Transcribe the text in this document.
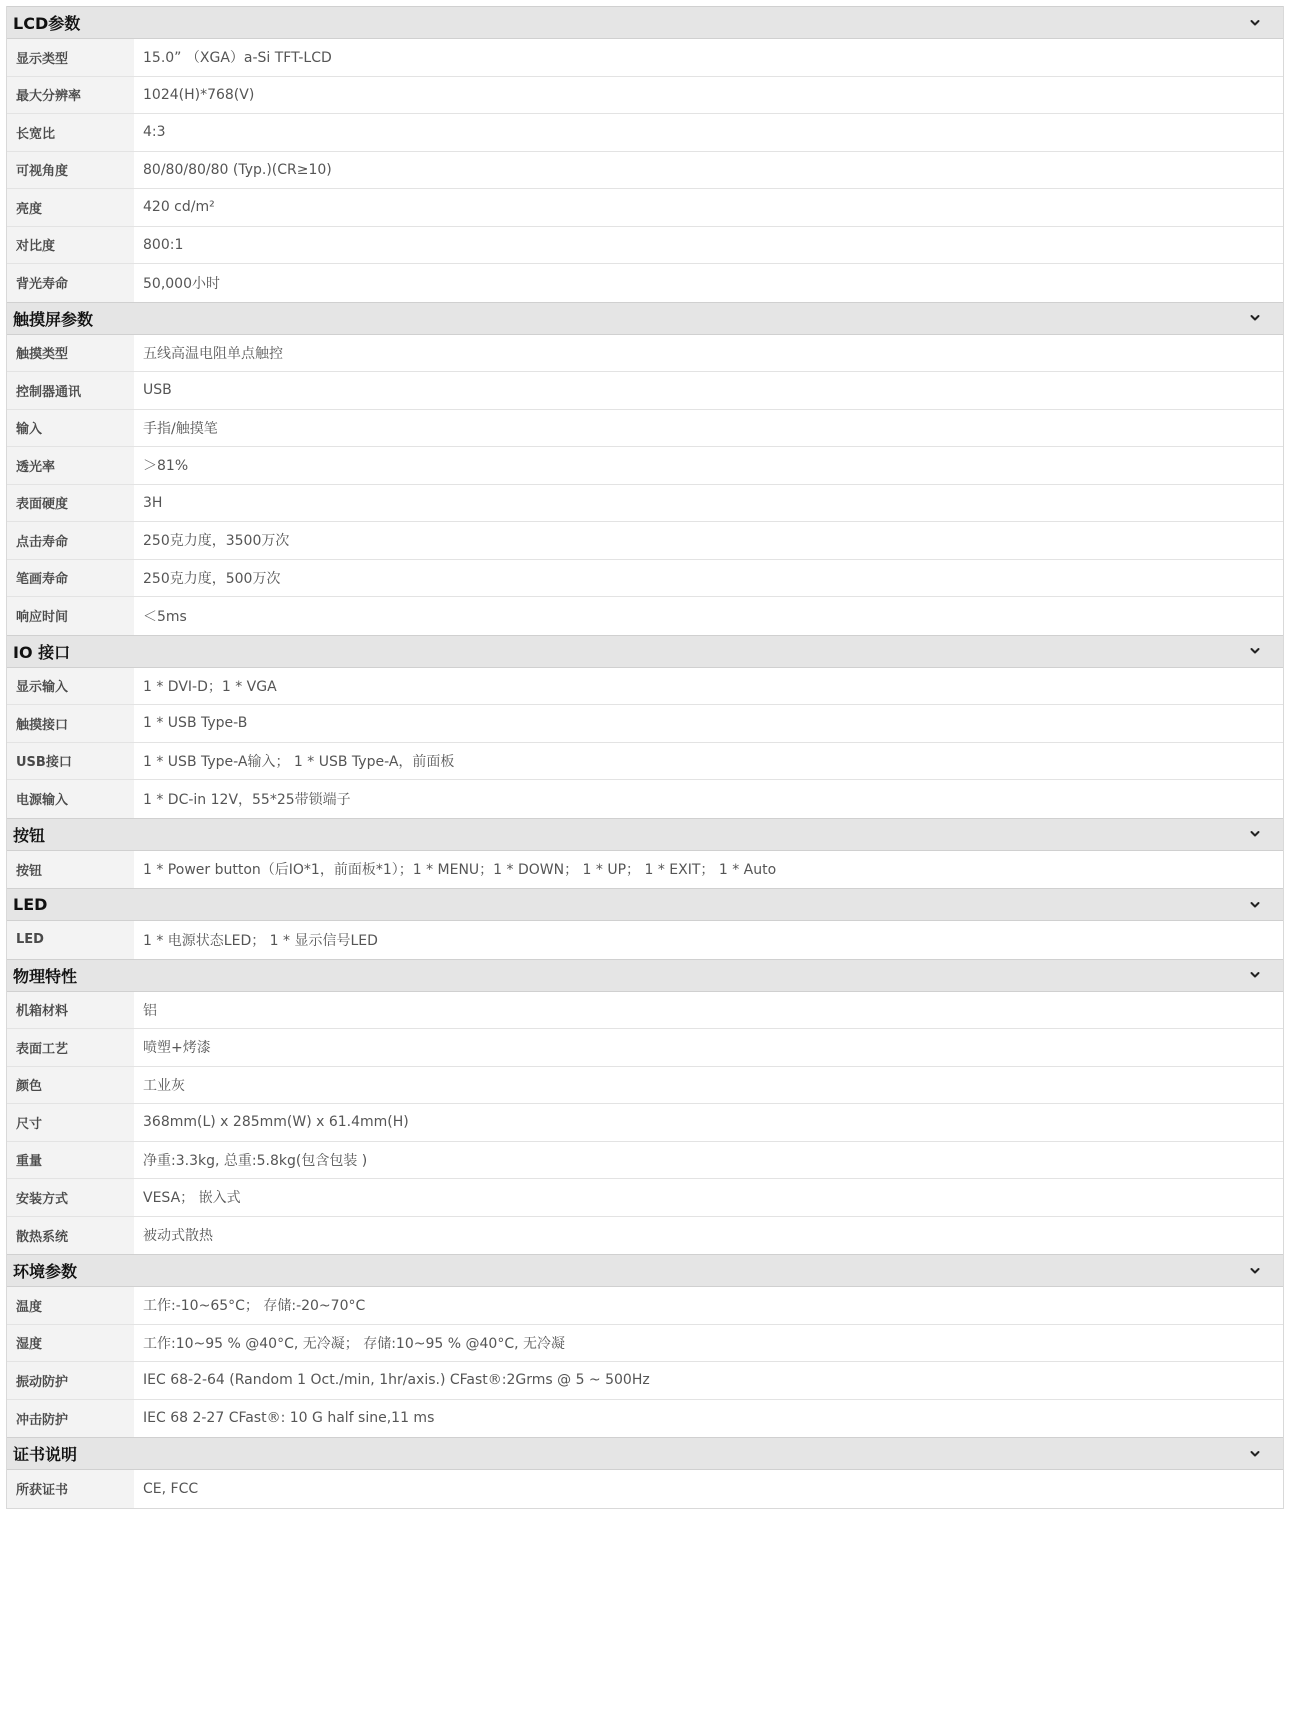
LCD参数
显示类型	15.0” （XGA）a-Si TFT-LCD
最大分辨率	1024(H)*768(V)
长宽比	4:3
可视角度	80/80/80/80 (Typ.)(CR≥10)
亮度	420 cd/m²
对比度	800:1
背光寿命	50,000小时
触摸屏参数
触摸类型	五线高温电阻单点触控
控制器通讯	USB
输入	手指/触摸笔
透光率	＞81%
表面硬度	3H
点击寿命	250克力度，3500万次
笔画寿命	250克力度，500万次
响应时间	＜5ms
IO 接口
显示输入	1 * DVI-D；1 * VGA
触摸接口	1 * USB Type-B
USB接口	1 * USB Type-A输入； 1 * USB Type-A，前面板
电源输入	1 * DC-in 12V，55*25带锁端子
按钮
按钮	1 * Power button（后IO*1，前面板*1）；1 * MENU；1 * DOWN； 1 * UP； 1 * EXIT； 1 * Auto
LED
LED	1 * 电源状态LED； 1 * 显示信号LED
物理特性
机箱材料	铝
表面工艺	喷塑+烤漆
颜色	工业灰
尺寸	368mm(L) x 285mm(W) x 61.4mm(H)
重量	净重:3.3kg, 总重:5.8kg(包含包装 )
安装方式	VESA； 嵌入式
散热系统	被动式散热
环境参数
温度	工作:-10~65°C； 存储:-20~70°C
湿度	工作:10~95 % @40°C, 无冷凝； 存储:10~95 % @40°C, 无冷凝
振动防护	IEC 68-2-64 (Random 1 Oct./min, 1hr/axis.) CFast®:2Grms @ 5 ~ 500Hz
冲击防护	IEC 68 2-27 CFast®: 10 G half sine,11 ms
证书说明
所获证书	CE, FCC
